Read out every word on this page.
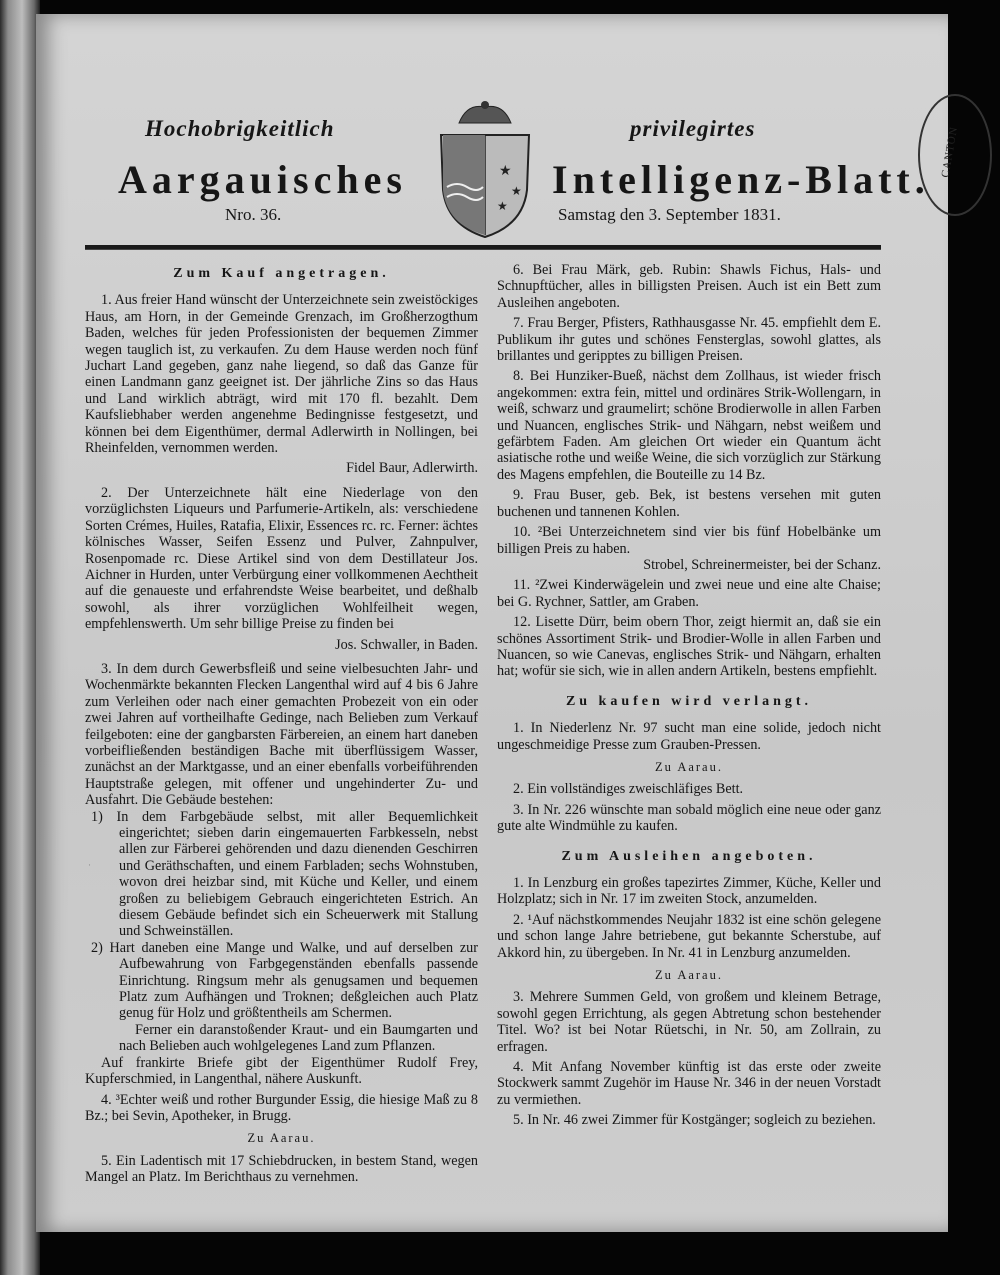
CANTON
Hochobrigkeitlich	privilegirtes
Aargauisches	Intelligenz-Blatt.
Nro. 36.	Samstag den 3. September 1831.
★
★
★
·

Zum Kauf angetragen.

1. Aus freier Hand wünscht der Unterzeichnete sein zweistöckiges Haus, am Horn, in der Gemeinde Grenzach, im Großherzogthum Baden, welches für jeden Professionisten der bequemen Zimmer wegen tauglich ist, zu verkaufen. Zu dem Hause werden noch fünf Juchart Land gegeben, ganz nahe liegend, so daß das Ganze für einen Landmann ganz geeignet ist. Der jährliche Zins so das Haus und Land wirklich abträgt, wird mit 170 fl. bezahlt. Dem Kaufsliebhaber werden angenehme Bedingnisse festgesetzt, und können bei dem Eigenthümer, dermal Adlerwirth in Nollingen, bei Rheinfelden, vernommen werden.

Fidel Baur, Adlerwirth.

2. Der Unterzeichnete hält eine Niederlage von den vorzüglichsten Liqueurs und Parfumerie-Artikeln, als: verschiedene Sorten Crémes, Huiles, Ratafia, Elixir, Essences rc. rc. Ferner: ächtes kölnisches Wasser, Seifen Essenz und Pulver, Zahnpulver, Rosenpomade rc. Diese Artikel sind von dem Destillateur Jos. Aichner in Hurden, unter Verbürgung einer vollkommenen Aechtheit auf die genaueste und erfahrendste Weise bearbeitet, und deßhalb sowohl, als ihrer vorzüglichen Wohlfeilheit wegen, empfehlenswerth. Um sehr billige Preise zu finden bei

Jos. Schwaller, in Baden.

3. In dem durch Gewerbsfleiß und seine vielbesuchten Jahr- und Wochenmärkte bekannten Flecken Langenthal wird auf 4 bis 6 Jahre zum Verleihen oder nach einer gemachten Probezeit von ein oder zwei Jahren auf vortheilhafte Gedinge, nach Belieben zum Verkauf feilgeboten: eine der gangbarsten Färbereien, an einem hart daneben vorbeifließenden beständigen Bache mit überflüssigem Wasser, zunächst an der Marktgasse, und an einer ebenfalls vorbeiführenden Hauptstraße gelegen, mit offener und ungehinderter Zu- und Ausfahrt. Die Gebäude bestehen:

1) In dem Farbgebäude selbst, mit aller Bequemlichkeit eingerichtet; sieben darin eingemauerten Farbkesseln, nebst allen zur Färberei gehörenden und dazu dienenden Geschirren und Geräthschaften, und einem Farbladen; sechs Wohnstuben, wovon drei heizbar sind, mit Küche und Keller, und einem großen zu beliebigem Gebrauch eingerichteten Estrich. An diesem Gebäude befindet sich ein Scheuerwerk mit Stallung und Schweinställen.

2) Hart daneben eine Mange und Walke, und auf derselben zur Aufbewahrung von Farbgegenständen ebenfalls passende Einrichtung. Ringsum mehr als genugsamen und bequemen Platz zum Aufhängen und Troknen; deßgleichen auch Platz genug für Holz und größtentheils am Schermen.

Ferner ein daranstoßender Kraut- und ein Baumgarten und nach Belieben auch wohlgelegenes Land zum Pflanzen.

Auf frankirte Briefe gibt der Eigenthümer Rudolf Frey, Kupferschmied, in Langenthal, nähere Auskunft.

4. ³Echter weiß und rother Burgunder Essig, die hiesige Maß zu 8 Bz.; bei Sevin, Apotheker, in Brugg.

Zu Aarau.

5. Ein Ladentisch mit 17 Schiebdrucken, in bestem Stand, wegen Mangel an Platz. Im Berichthaus zu vernehmen.

6. Bei Frau Märk, geb. Rubin: Shawls Fichus, Hals- und Schnupftücher, alles in billigsten Preisen. Auch ist ein Bett zum Ausleihen angeboten.

7. Frau Berger, Pfisters, Rathhausgasse Nr. 45. empfiehlt dem E. Publikum ihr gutes und schönes Fensterglas, sowohl glattes, als brillantes und geripptes zu billigen Preisen.

8. Bei Hunziker-Bueß, nächst dem Zollhaus, ist wieder frisch angekommen: extra fein, mittel und ordinäres Strik-Wollengarn, in weiß, schwarz und graumelirt; schöne Brodierwolle in allen Farben und Nuancen, englisches Strik- und Nähgarn, nebst weißem und gefärbtem Faden. Am gleichen Ort wieder ein Quantum ächt asiatische rothe und weiße Weine, die sich vorzüglich zur Stärkung des Magens empfehlen, die Bouteille zu 14 Bz.

9. Frau Buser, geb. Bek, ist bestens versehen mit guten buchenen und tannenen Kohlen.

10. ²Bei Unterzeichnetem sind vier bis fünf Hobelbänke um billigen Preis zu haben.

Strobel, Schreinermeister, bei der Schanz.

11. ²Zwei Kinderwägelein und zwei neue und eine alte Chaise; bei G. Rychner, Sattler, am Graben.

12. Lisette Dürr, beim obern Thor, zeigt hiermit an, daß sie ein schönes Assortiment Strik- und Brodier-Wolle in allen Farben und Nuancen, so wie Canevas, englisches Strik- und Nähgarn, erhalten hat; wofür sie sich, wie in allen andern Artikeln, bestens empfiehlt.

Zu kaufen wird verlangt.

1. In Niederlenz Nr. 97 sucht man eine solide, jedoch nicht ungeschmeidige Presse zum Grauben-Pressen.

Zu Aarau.

2. Ein vollständiges zweischläfiges Bett.

3. In Nr. 226 wünschte man sobald möglich eine neue oder ganz gute alte Windmühle zu kaufen.

Zum Ausleihen angeboten.

1. In Lenzburg ein großes tapezirtes Zimmer, Küche, Keller und Holzplatz; sich in Nr. 17 im zweiten Stock, anzumelden.

2. ¹Auf nächstkommendes Neujahr 1832 ist eine schön gelegene und schon lange Jahre betriebene, gut bekannte Scherstube, auf Akkord hin, zu übergeben. In Nr. 41 in Lenzburg anzumelden.

Zu Aarau.

3. Mehrere Summen Geld, von großem und kleinem Betrage, sowohl gegen Errichtung, als gegen Abtretung schon bestehender Titel. Wo? ist bei Notar Rüetschi, in Nr. 50, am Zollrain, zu erfragen.

4. Mit Anfang November künftig ist das erste oder zweite Stockwerk sammt Zugehör im Hause Nr. 346 in der neuen Vorstadt zu vermiethen.

5. In Nr. 46 zwei Zimmer für Kostgänger; sogleich zu beziehen.
